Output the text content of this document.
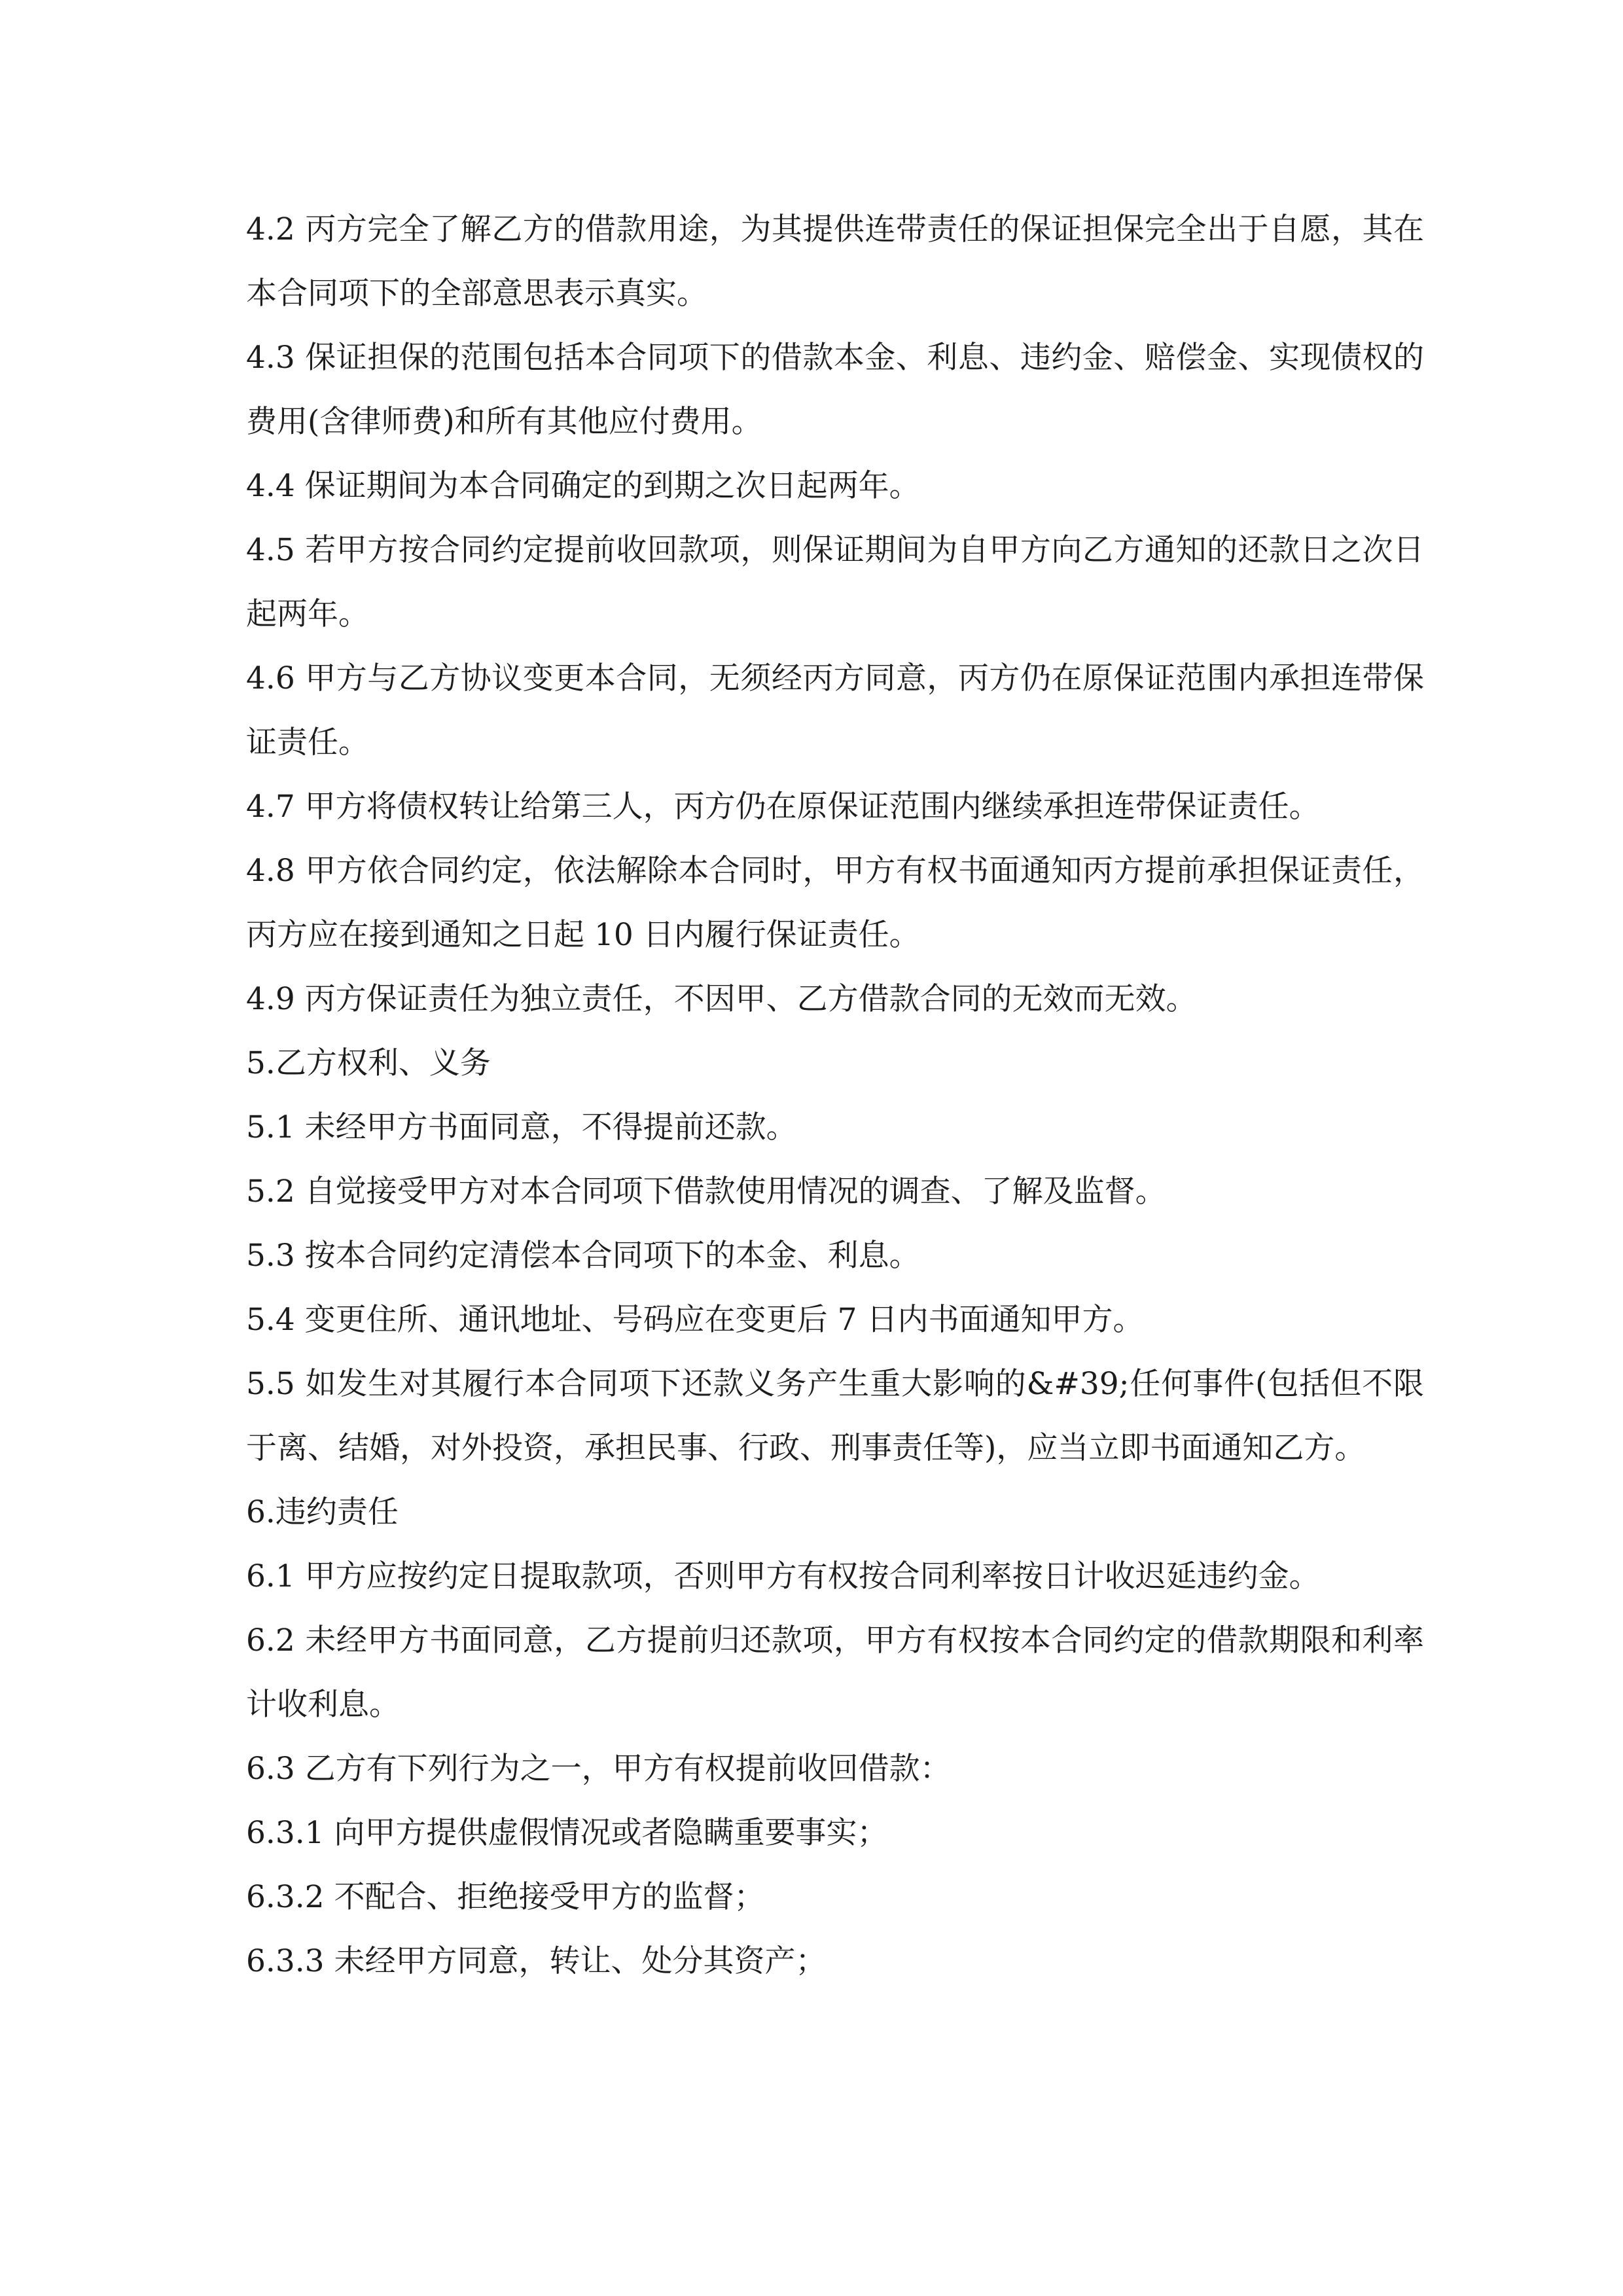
4.2 丙方完全了解乙方的借款用途，为其提供连带责任的保证担保完全出于自愿，其在本合同项下的全部意思表示真实。

4.3 保证担保的范围包括本合同项下的借款本金、利息、违约金、赔偿金、实现债权的费用(含律师费)和所有其他应付费用。

4.4 保证期间为本合同确定的到期之次日起两年。

4.5 若甲方按合同约定提前收回款项，则保证期间为自甲方向乙方通知的还款日之次日起两年。

4.6 甲方与乙方协议变更本合同，无须经丙方同意，丙方仍在原保证范围内承担连带保证责任。

4.7 甲方将债权转让给第三人，丙方仍在原保证范围内继续承担连带保证责任。

4.8 甲方依合同约定，依法解除本合同时，甲方有权书面通知丙方提前承担保证责任，丙方应在接到通知之日起 10 日内履行保证责任。

4.9 丙方保证责任为独立责任，不因甲、乙方借款合同的无效而无效。

5.乙方权利、义务

5.1 未经甲方书面同意，不得提前还款。

5.2 自觉接受甲方对本合同项下借款使用情况的调查、了解及监督。

5.3 按本合同约定清偿本合同项下的本金、利息。

5.4 变更住所、通讯地址、号码应在变更后 7 日内书面通知甲方。

5.5 如发生对其履行本合同项下还款义务产生重大影响的&#39;任何事件(包括但不限于离、结婚，对外投资，承担民事、行政、刑事责任等)，应当立即书面通知乙方。

6.违约责任

6.1 甲方应按约定日提取款项，否则甲方有权按合同利率按日计收迟延违约金。

6.2 未经甲方书面同意，乙方提前归还款项，甲方有权按本合同约定的借款期限和利率计收利息。

6.3 乙方有下列行为之一，甲方有权提前收回借款：

6.3.1 向甲方提供虚假情况或者隐瞒重要事实；

6.3.2 不配合、拒绝接受甲方的监督；

6.3.3 未经甲方同意，转让、处分其资产；
